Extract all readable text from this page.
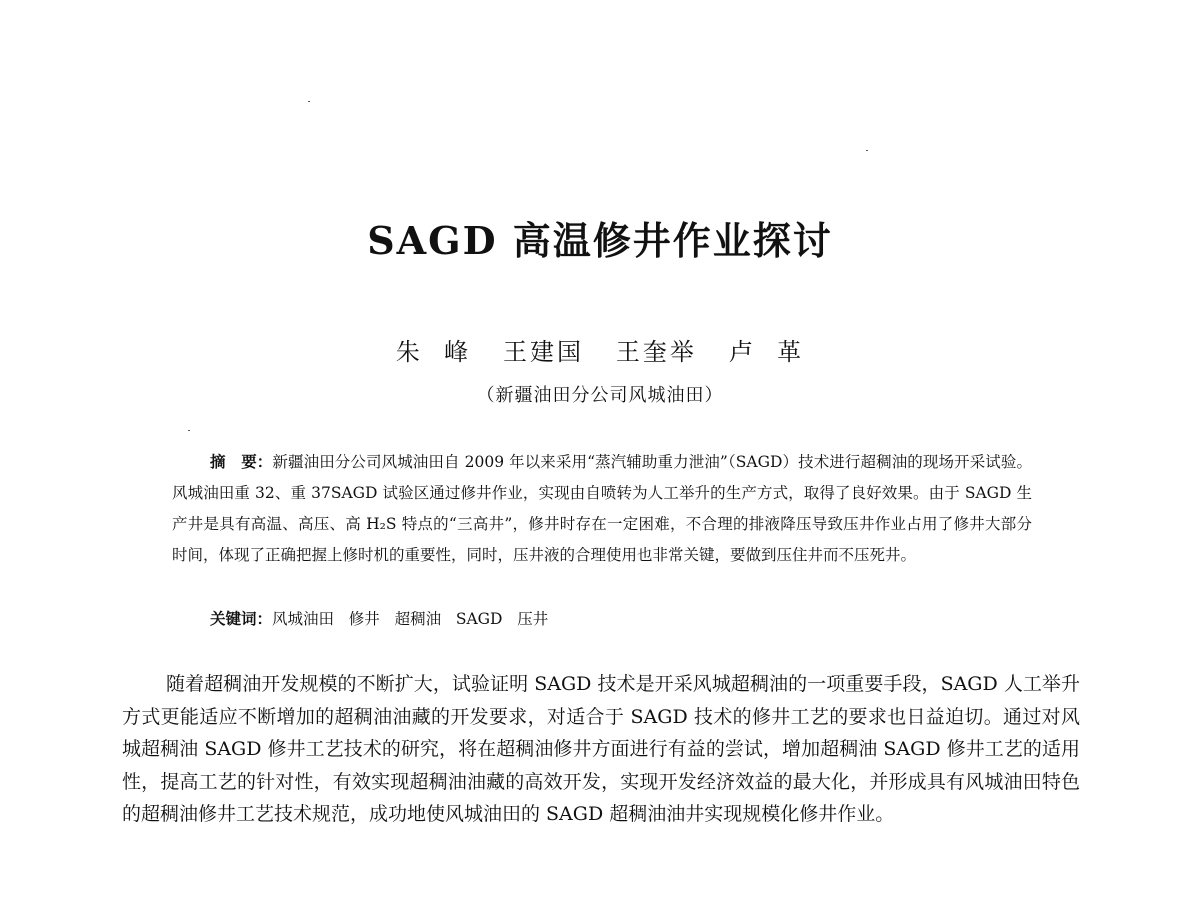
SAGD 高温修井作业探讨
朱  峰   王建国   王奎举   卢  革
（新疆油田分公司风城油田）

摘　要：新疆油田分公司风城油田自 2009 年以来采用“蒸汽辅助重力泄油”（SAGD）技术进行超稠油的现场开采试验。风城油田重 32、重 37SAGD 试验区通过修井作业，实现由自喷转为人工举升的生产方式，取得了良好效果。由于 SAGD 生产井是具有高温、高压、高 H₂S 特点的“三高井”，修井时存在一定困难，不合理的排液降压导致压井作业占用了修井大部分时间，体现了正确把握上修时机的重要性，同时，压井液的合理使用也非常关键，要做到压住井而不压死井。

关键词：风城油田   修井   超稠油   SAGD   压井

随着超稠油开发规模的不断扩大，试验证明 SAGD 技术是开采风城超稠油的一项重要手段，SAGD 人工举升方式更能适应不断增加的超稠油油藏的开发要求，对适合于 SAGD 技术的修井工艺的要求也日益迫切。通过对风城超稠油 SAGD 修井工艺技术的研究，将在超稠油修井方面进行有益的尝试，增加超稠油 SAGD 修井工艺的适用性，提高工艺的针对性，有效实现超稠油油藏的高效开发，实现开发经济效益的最大化，并形成具有风城油田特色的超稠油修井工艺技术规范，成功地使风城油田的 SAGD 超稠油油井实现规模化修井作业。
